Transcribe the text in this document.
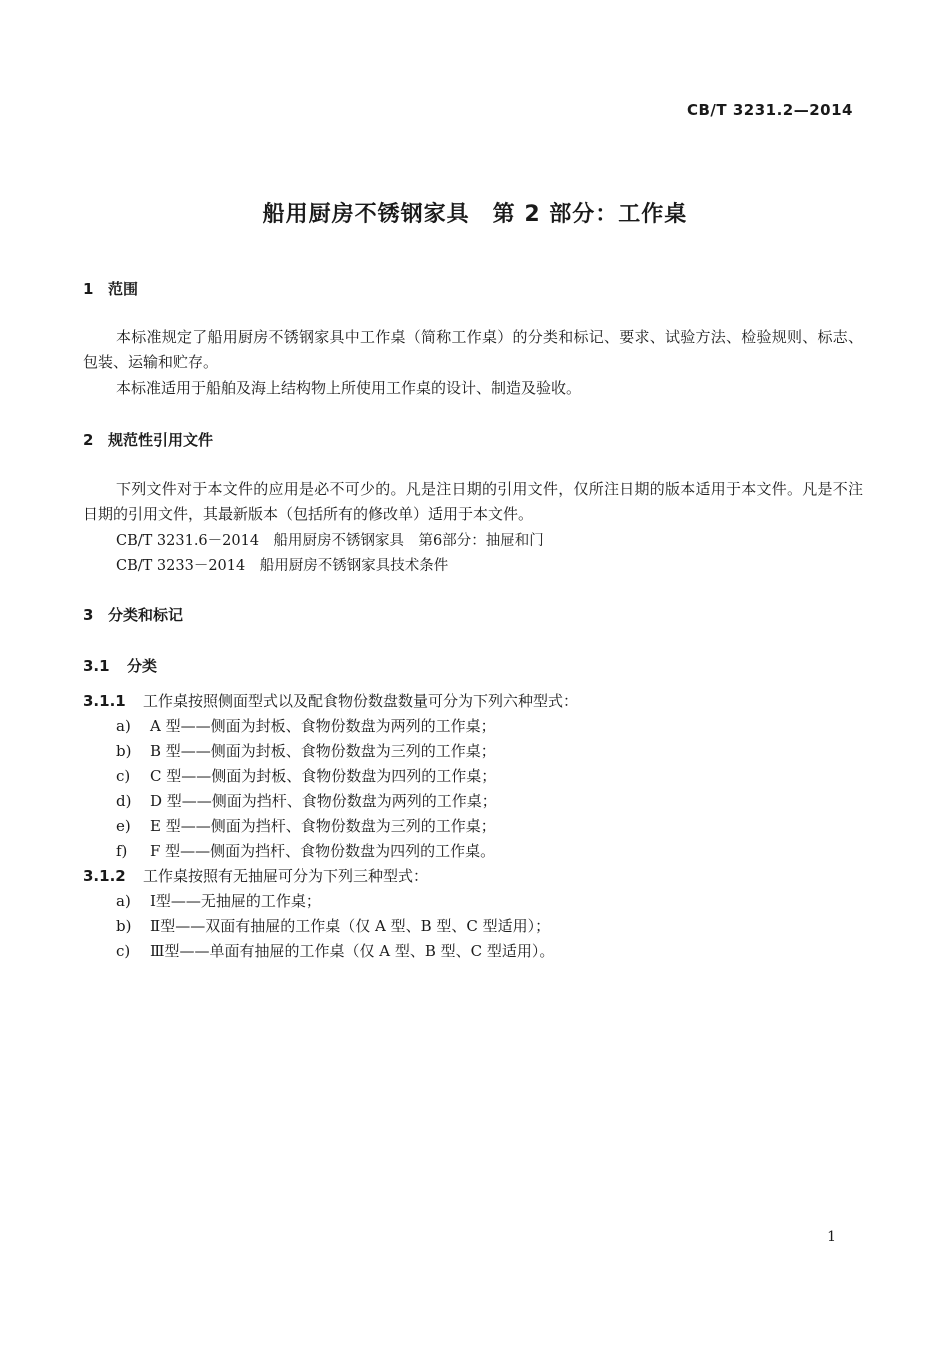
CB/T 3231.2—2014
船用厨房不锈钢家具　第 2 部分：工作桌
1 范围
本标准规定了船用厨房不锈钢家具中工作桌（简称工作桌）的分类和标记、要求、试验方法、检验规则、标志、包装、运输和贮存。
本标准适用于船舶及海上结构物上所使用工作桌的设计、制造及验收。
2 规范性引用文件
下列文件对于本文件的应用是必不可少的。凡是注日期的引用文件，仅所注日期的版本适用于本文件。凡是不注日期的引用文件，其最新版本（包括所有的修改单）适用于本文件。
CB/T 3231.6－2014　船用厨房不锈钢家具　第6部分：抽屉和门
CB/T 3233－2014　船用厨房不锈钢家具技术条件
3 分类和标记
3.1 分类
3.1.1 工作桌按照侧面型式以及配食物份数盘数量可分为下列六种型式：
a) A 型——侧面为封板、食物份数盘为两列的工作桌；
b) B 型——侧面为封板、食物份数盘为三列的工作桌；
c) C 型——侧面为封板、食物份数盘为四列的工作桌；
d) D 型——侧面为挡杆、食物份数盘为两列的工作桌；
e) E 型——侧面为挡杆、食物份数盘为三列的工作桌；
f) F 型——侧面为挡杆、食物份数盘为四列的工作桌。
3.1.2 工作桌按照有无抽屉可分为下列三种型式：
a) Ⅰ型——无抽屉的工作桌；
b) Ⅱ型——双面有抽屉的工作桌（仅 A 型、B 型、C 型适用）；
c) Ⅲ型——单面有抽屉的工作桌（仅 A 型、B 型、C 型适用）。
1
